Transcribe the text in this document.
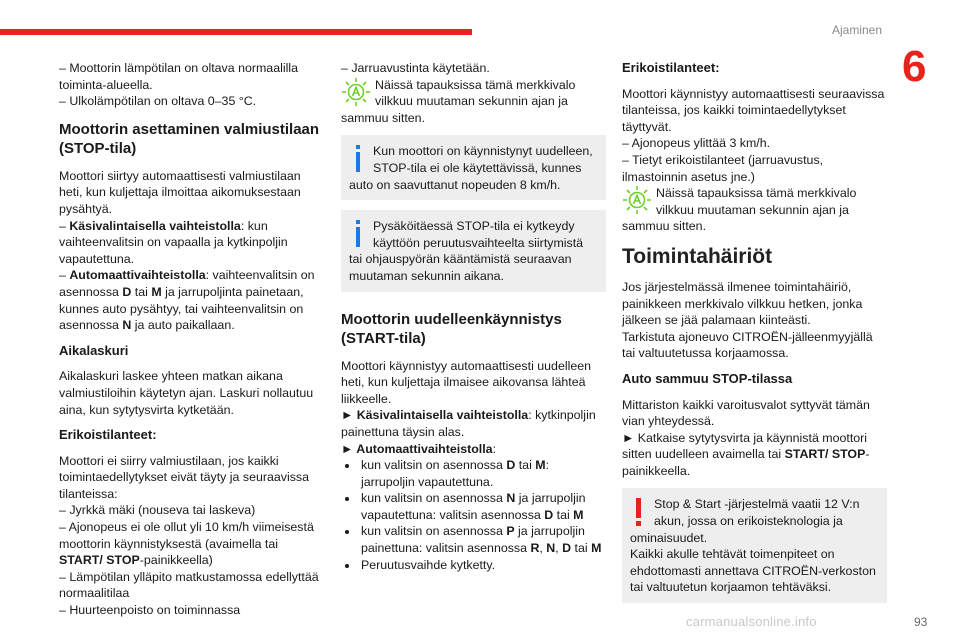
Ajaminen
6

– Moottorin lämpötilan on oltava normaalilla toiminta-alueella.
– Ulkolämpötilan on oltava 0–35 °C.

Moottorin asettaminen valmiustilaan (STOP-tila)

Moottori siirtyy automaattisesti valmiustilaan heti, kun kuljettaja ilmoittaa aikomuksestaan pysähtyä.

– Käsivalintaisella vaihteistolla: kun vaihteenvalitsin on vapaalla ja kytkinpoljin vapautettuna.
– Automaattivaihteistolla: vaihteenvalitsin on asennossa D tai M ja jarrupoljinta painetaan, kunnes auto pysähtyy, tai vaihteenvalitsin on asennossa N ja auto paikallaan.

Aikalaskuri

Aikalaskuri laskee yhteen matkan aikana valmiustiloihin käytetyn ajan. Laskuri nollautuu aina, kun sytytysvirta kytketään.

Erikoistilanteet:

Moottori ei siirry valmiustilaan, jos kaikki toimintaedellytykset eivät täyty ja seuraavissa tilanteissa:
– Jyrkkä mäki (nouseva tai laskeva)
– Ajonopeus ei ole ollut yli 10 km/h viimeisestä moottorin käynnistyksestä (avaimella tai START/ STOP-painikkeella)
– Lämpötilan ylläpito matkustamossa edellyttää normaalitilaa
– Huurteenpoisto on toiminnassa

– Jarruavustinta käytetään.

Näissä tapauksissa tämä merkkivalo vilkkuu muutaman sekunnin ajan ja sammuu sitten.
Kun moottori on käynnistynyt uudelleen, STOP-tila ei ole käytettävissä, kunnes auto on saavuttanut nopeuden 8 km/h.
Pysäköitäessä STOP-tila ei kytkeydy käyttöön peruutusvaihteelta siirtymistä tai ohjauspyörän kääntämistä seuraavan muutaman sekunnin aikana.
Moottorin uudelleenkäynnistys (START-tila)

Moottori käynnistyy automaattisesti uudelleen heti, kun kuljettaja ilmaisee aikovansa lähteä liikkeelle.
► Käsivalintaisella vaihteistolla: kytkinpoljin painettuna täysin alas.
► Automaattivaihteistolla:

• kun valitsin on asennossa D tai M: jarrupoljin vapautettuna.
• kun valitsin on asennossa N ja jarrupoljin vapautettuna: valitsin asennossa D tai M
• kun valitsin on asennossa P ja jarrupoljin painettuna: valitsin asennossa R, N, D tai M
• Peruutusvaihde kytketty.
Erikoistilanteet:

Moottori käynnistyy automaattisesti seuraavissa tilanteissa, jos kaikki toimintaedellytykset täyttyvät.
– Ajonopeus ylittää 3 km/h.
– Tietyt erikoistilanteet (jarruavustus, ilmastoinnin asetus jne.)

Näissä tapauksissa tämä merkkivalo vilkkuu muutaman sekunnin ajan ja sammuu sitten.
Toimintahäiriöt

Jos järjestelmässä ilmenee toimintahäiriö, painikkeen merkkivalo vilkkuu hetken, jonka jälkeen se jää palamaan kiinteästi.
Tarkistuta ajoneuvo CITROËN-jälleenmyyjällä tai valtuutetussa korjaamossa.

Auto sammuu STOP-tilassa

Mittariston kaikki varoitusvalot syttyvät tämän vian yhteydessä.
► Katkaise sytytysvirta ja käynnistä moottori sitten uudelleen avaimella tai START/ STOP-painikkeella.

Stop & Start -järjestelmä vaatii 12 V:n akun, jossa on erikoisteknologia ja ominaisuudet.
Kaikki akulle tehtävät toimenpiteet on ehdottomasti annettava CITROËN-verkoston tai valtuutetun korjaamon tehtäväksi.
carmanualsonline.info	93
